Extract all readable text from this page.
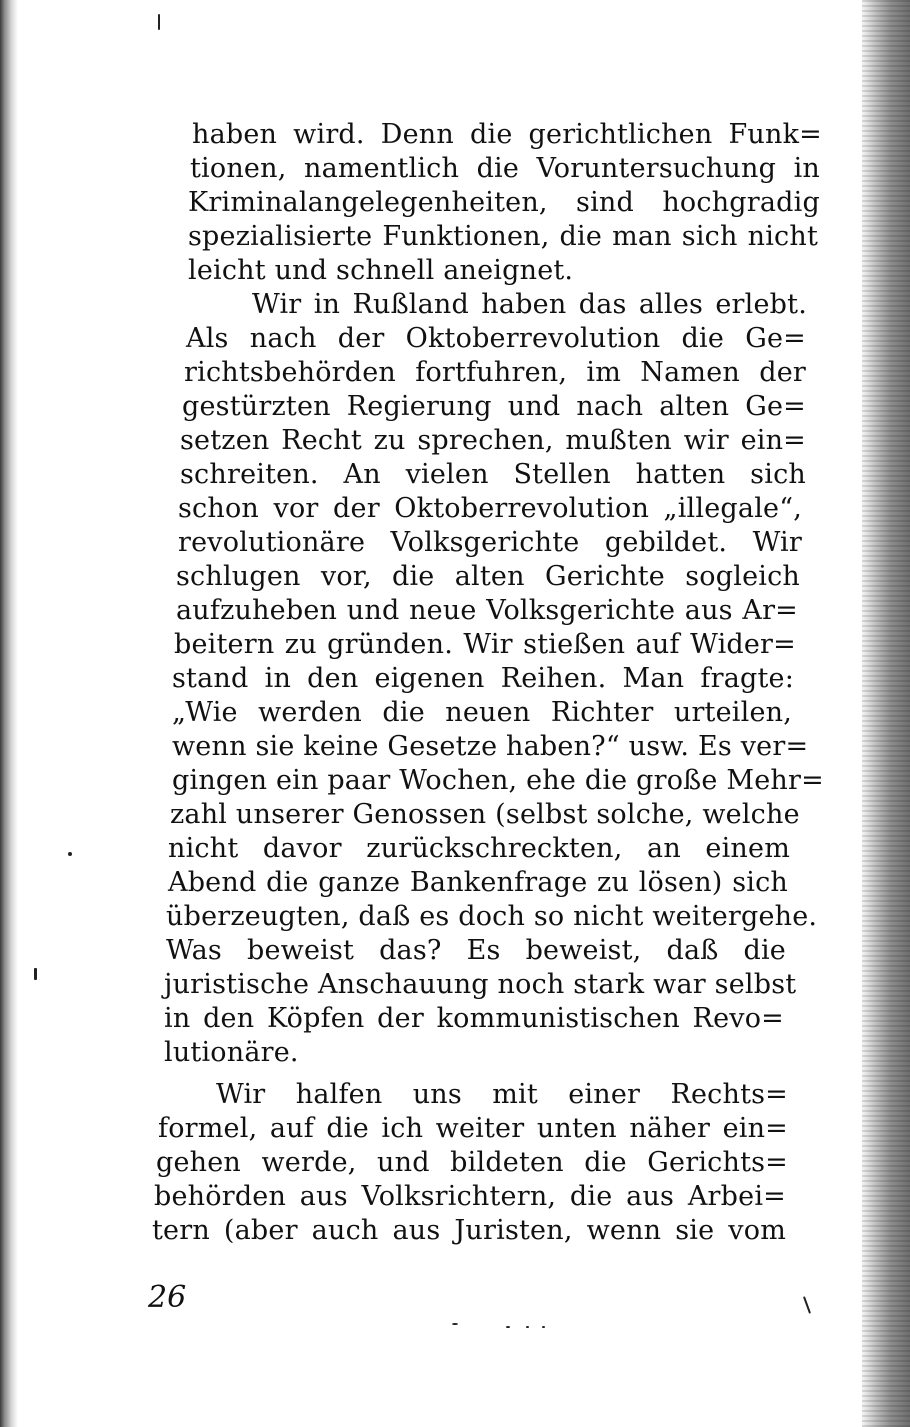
haben wird. Denn die gerichtlichen Funk=
tionen, namentlich die Voruntersuchung in
Kriminalangelegenheiten, sind hochgradig
spezialisierte Funktionen, die man sich nicht
leicht und schnell aneignet.
Wir in Rußland haben das alles erlebt.
Als nach der Oktoberrevolution die Ge=
richtsbehörden fortfuhren, im Namen der
gestürzten Regierung und nach alten Ge=
setzen Recht zu sprechen, mußten wir ein=
schreiten. An vielen Stellen hatten sich
schon vor der Oktoberrevolution „illegale“,
revolutionäre Volksgerichte gebildet. Wir
schlugen vor, die alten Gerichte sogleich
aufzuheben und neue Volksgerichte aus Ar=
beitern zu gründen. Wir stießen auf Wider=
stand in den eigenen Reihen. Man fragte:
„Wie werden die neuen Richter urteilen,
wenn sie keine Gesetze haben?“ usw. Es ver=
gingen ein paar Wochen, ehe die große Mehr=
zahl unserer Genossen (selbst solche, welche
nicht davor zurückschreckten, an einem
Abend die ganze Bankenfrage zu lösen) sich
überzeugten, daß es doch so nicht weitergehe.
Was beweist das? Es beweist, daß die
juristische Anschauung noch stark war selbst
in den Köpfen der kommunistischen Revo=
lutionäre.
Wir halfen uns mit einer Rechts=
formel, auf die ich weiter unten näher ein=
gehen werde, und bildeten die Gerichts=
behörden aus Volksrichtern, die aus Arbei=
tern (aber auch aus Juristen, wenn sie vom
26
